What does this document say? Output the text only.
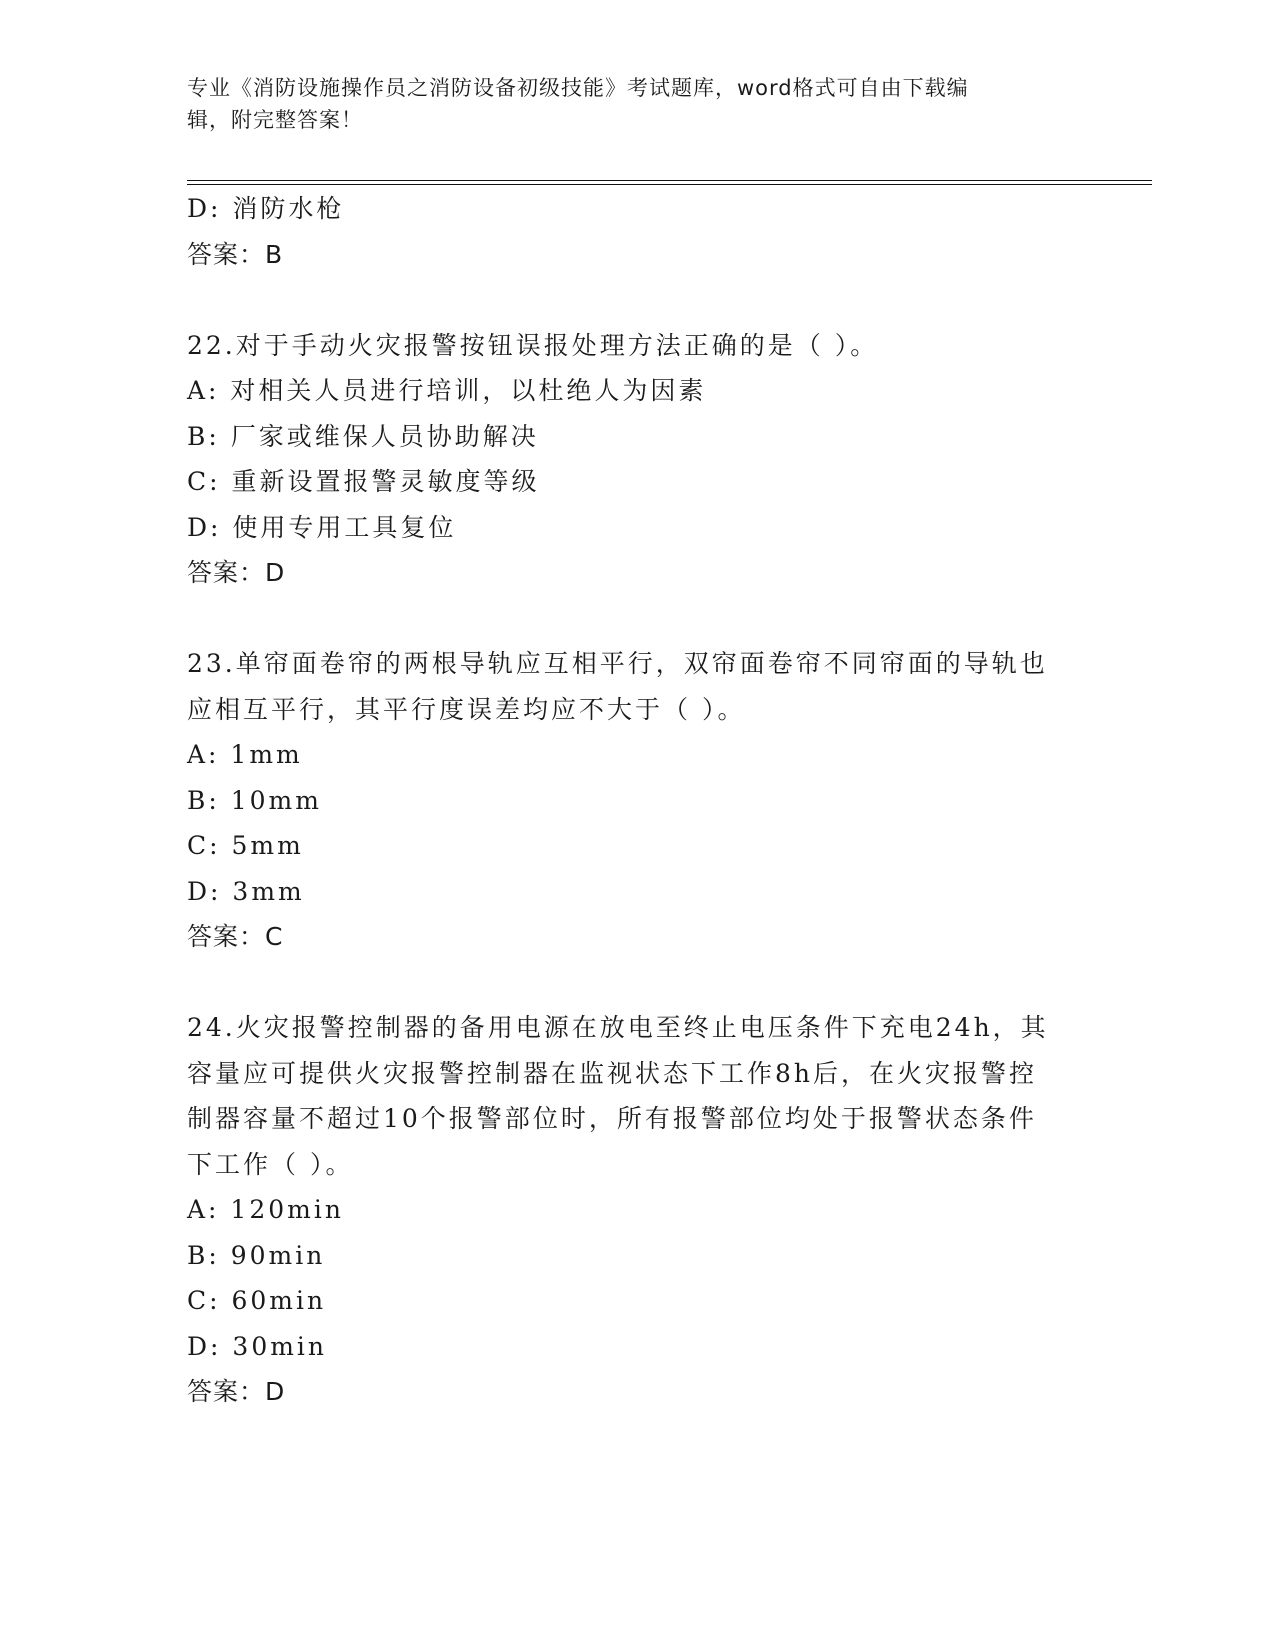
专业《消防设施操作员之消防设备初级技能》考试题库，word格式可自由下载编
辑，附完整答案！
D: 消防水枪
答案：B
22.对于手动火灾报警按钮误报处理方法正确的是（ ）。
A: 对相关人员进行培训，以杜绝人为因素
B: 厂家或维保人员协助解决
C: 重新设置报警灵敏度等级
D: 使用专用工具复位
答案：D
23.单帘面卷帘的两根导轨应互相平行，双帘面卷帘不同帘面的导轨也
应相互平行，其平行度误差均应不大于（ ）。
A: 1mm
B: 10mm
C: 5mm
D: 3mm
答案：C
24.火灾报警控制器的备用电源在放电至终止电压条件下充电24h，其
容量应可提供火灾报警控制器在监视状态下工作8h后，在火灾报警控
制器容量不超过10个报警部位时，所有报警部位均处于报警状态条件
下工作（ ）。
A: 120min
B: 90min
C: 60min
D: 30min
答案：D
